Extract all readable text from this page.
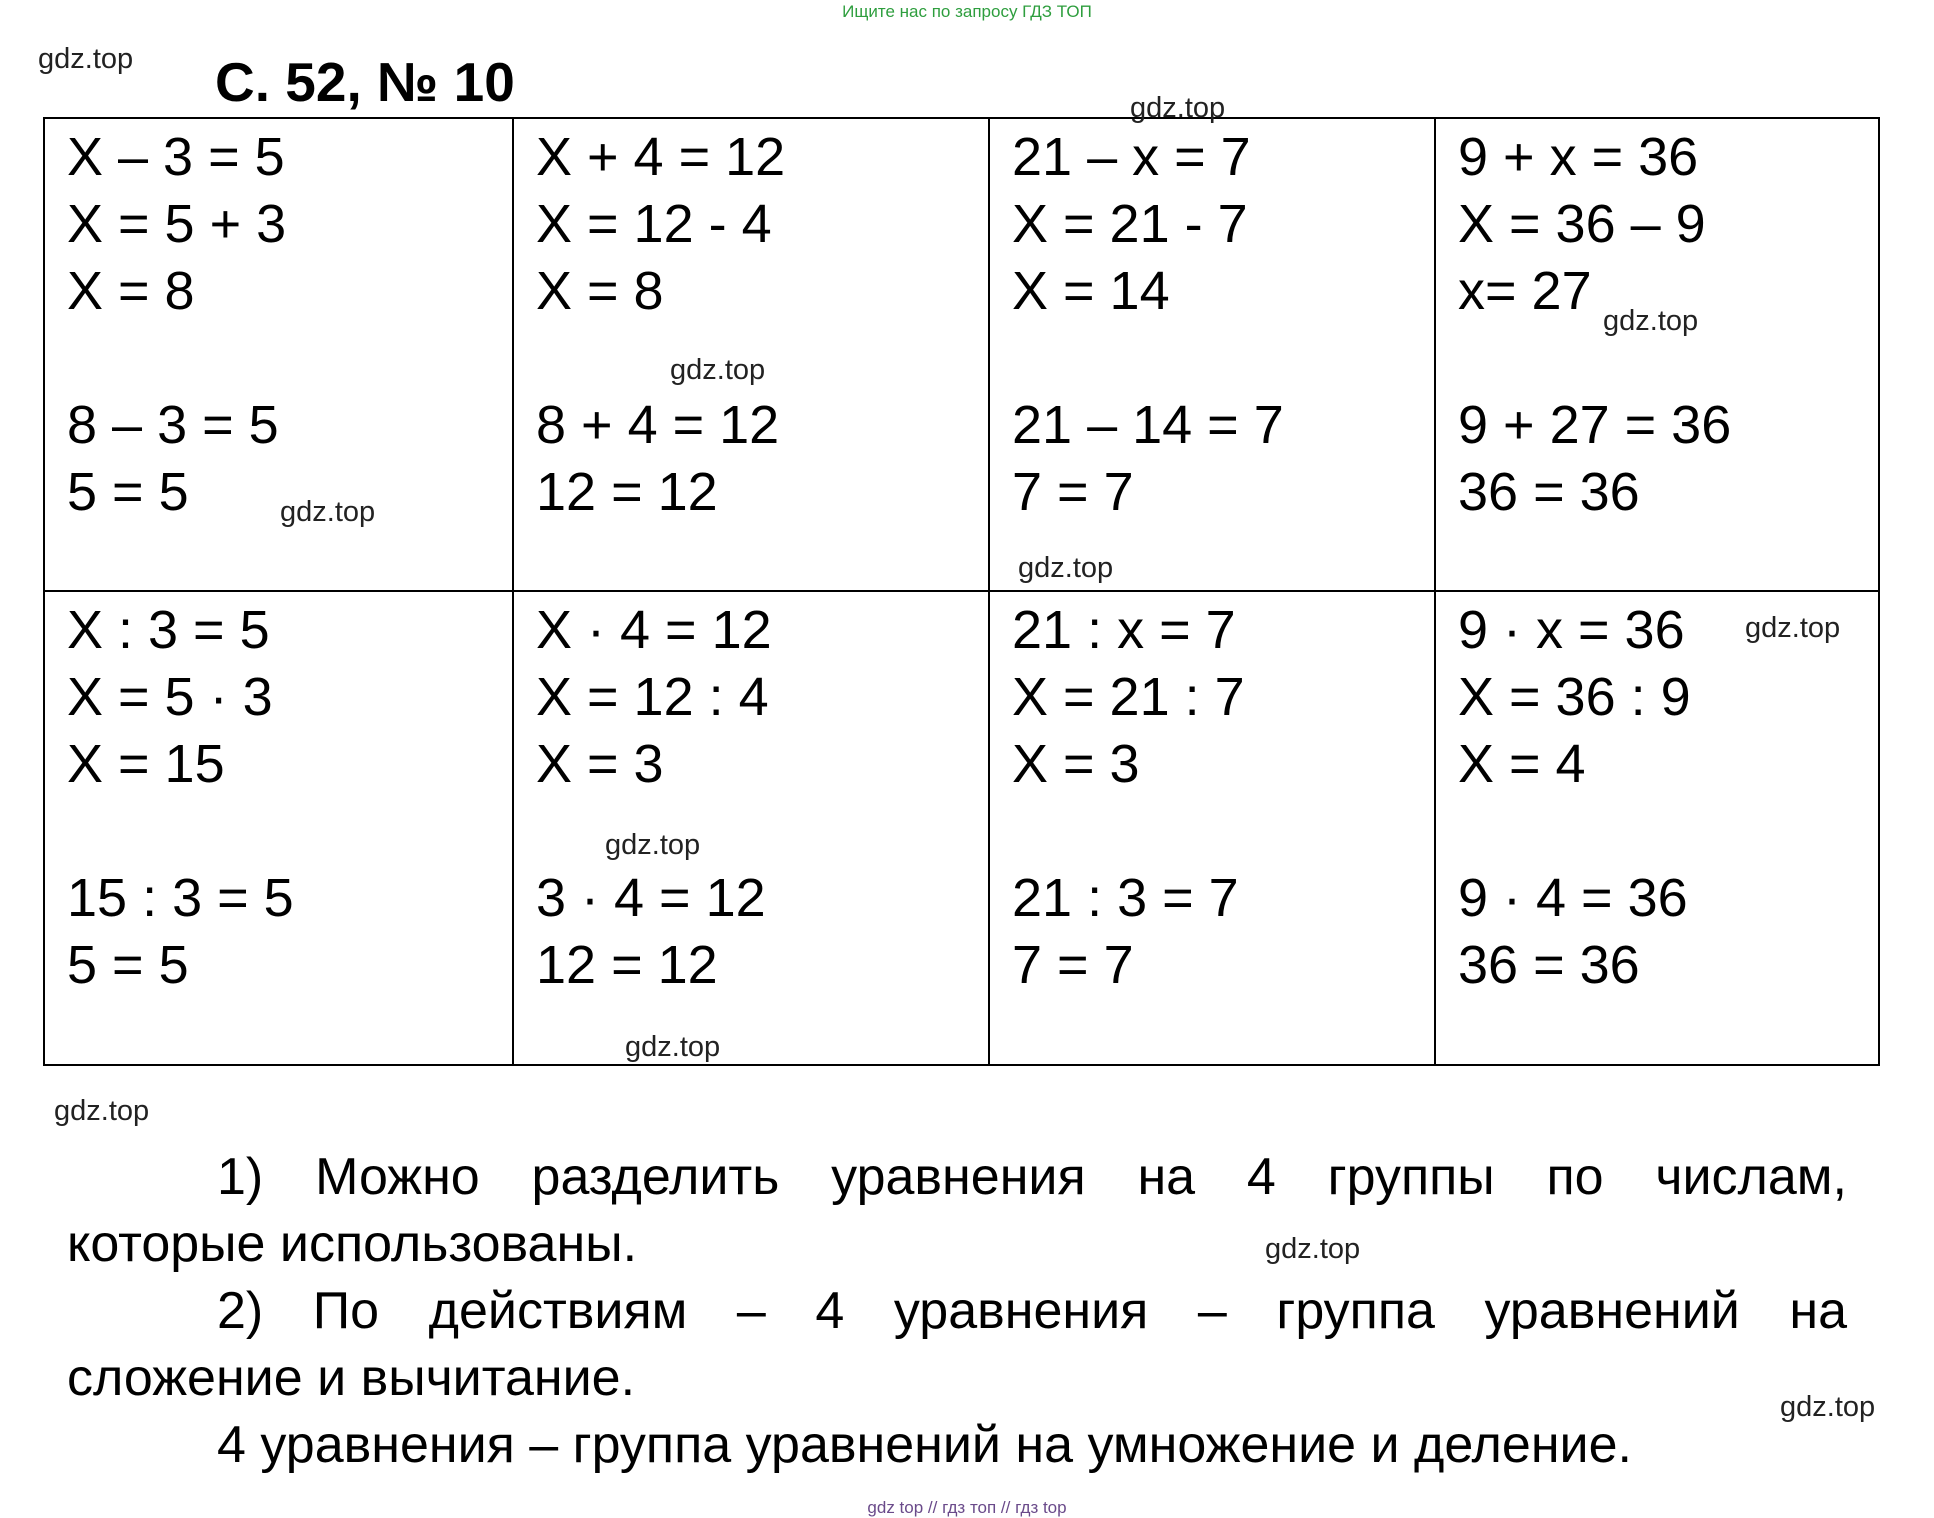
Ищите нас по запросу ГДЗ ТОП
С. 52, № 10
X – 3 = 5
X = 5 + 3
X = 8
8 – 3 = 5
5 = 5
X + 4 = 12
X = 12 - 4
X = 8
8 + 4 = 12
12 = 12
21 – x = 7
X = 21 - 7
X = 14
21 – 14 = 7
7 = 7
9 + x = 36
X = 36 – 9
x= 27
9 + 27 = 36
36 = 36
X : 3 = 5
X = 5 · 3
X = 15
15 : 3 = 5
5 = 5
X · 4 = 12
X = 12 : 4
X = 3
3 · 4 = 12
12 = 12
21 : x = 7
X = 21 : 7
X = 3
21 : 3 = 7
7 = 7
9 · x = 36
X = 36 : 9
X = 4
9 · 4 = 36
36 = 36
1) Можно разделить уравнения на 4 группы по числам,
которые использованы.
2) По действиям – 4 уравнения – группа уравнений на
сложение и вычитание.
4 уравнения – группа уравнений на умножение и деление.
gdz.top
gdz.top
gdz.top
gdz.top
gdz.top
gdz.top
gdz.top
gdz.top
gdz.top
gdz.top
gdz.top
gdz.top
gdz top // гдз топ // гдз top
